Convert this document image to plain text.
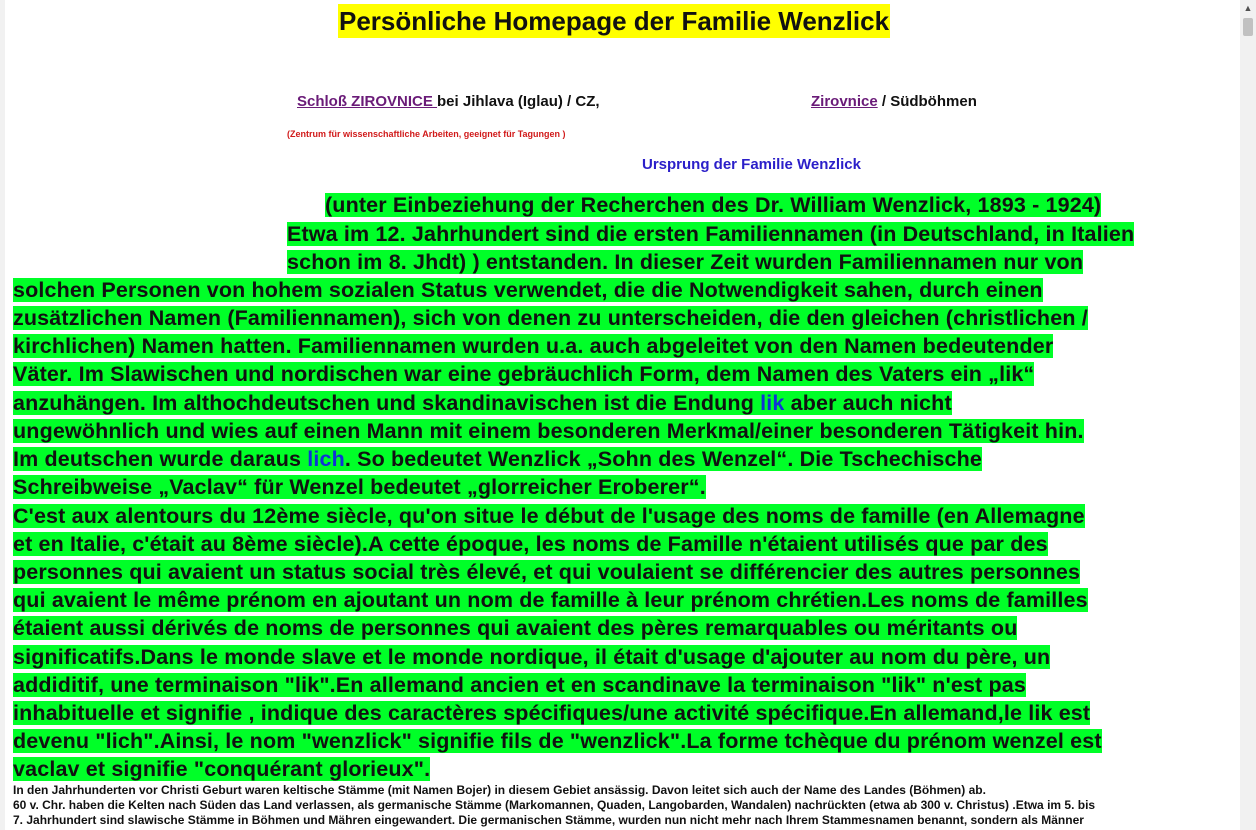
Persönliche Homepage der Familie Wenzlick
Schloß ZIROVNICE bei Jihlava (Iglau) / CZ,	Zirovnice / Südböhmen
(Zentrum für wissenschaftliche Arbeiten, geeignet für Tagungen )
Ursprung der Familie Wenzlick
(unter Einbeziehung der Recherchen des Dr. William Wenzlick, 1893 - 1924)
Etwa im 12. Jahrhundert sind die ersten Familiennamen (in Deutschland, in Italien
schon im 8. Jhdt) ) entstanden. In dieser Zeit wurden Familiennamen nur von
solchen Personen von hohem sozialen Status verwendet, die die Notwendigkeit sahen, durch einen
zusätzlichen Namen (Familiennamen), sich von denen zu unterscheiden, die den gleichen (christlichen /
kirchlichen) Namen hatten. Familiennamen wurden u.a. auch abgeleitet von den Namen bedeutender
Väter. Im Slawischen und nordischen war eine gebräuchlich Form, dem Namen des Vaters ein „lik“
anzuhängen. Im althochdeutschen und skandinavischen ist die Endung lik aber auch nicht
ungewöhnlich und wies auf einen Mann mit einem besonderen Merkmal/einer besonderen Tätigkeit hin.
Im deutschen wurde daraus lich. So bedeutet Wenzlick „Sohn des Wenzel“. Die Tschechische
Schreibweise „Vaclav“ für Wenzel bedeutet „glorreicher Eroberer“.
C'est aux alentours du 12ème siècle, qu'on situe le début de l'usage des noms de famille (en Allemagne
et en Italie, c'était au 8ème siècle).A cette époque, les noms de Famille n'étaient utilisés que par des
personnes qui avaient un status social très élevé, et qui voulaient se différencier des autres personnes
qui avaient le même prénom en ajoutant un nom de famille à leur prénom chrétien.Les noms de familles
étaient aussi dérivés de noms de personnes qui avaient des pères remarquables ou méritants ou
significatifs.Dans le monde slave et le monde nordique, il était d'usage d'ajouter au nom du père, un
addiditif, une terminaison "lik".En allemand ancien et en scandinave la terminaison "lik" n'est pas
inhabituelle et signifie , indique des caractères spécifiques/une activité spécifique.En allemand,le lik est
devenu "lich".Ainsi, le nom "wenzlick" signifie fils de "wenzlick".La forme tchèque du prénom wenzel est
vaclav et signifie "conquérant glorieux".
In den Jahrhunderten vor Christi Geburt waren keltische Stämme (mit Namen Bojer) in diesem Gebiet ansässig. Davon leitet sich auch der Name des Landes (Böhmen) ab.
60 v. Chr. haben die Kelten nach Süden das Land verlassen, als germanische Stämme (Markomannen, Quaden, Langobarden, Wandalen) nachrückten (etwa ab 300 v. Christus) .Etwa im 5. bis
7. Jahrhundert sind slawische Stämme in Böhmen und Mähren eingewandert. Die germanischen Stämme, wurden nun nicht mehr nach Ihrem Stammesnamen benannt, sondern als Männer
▲
